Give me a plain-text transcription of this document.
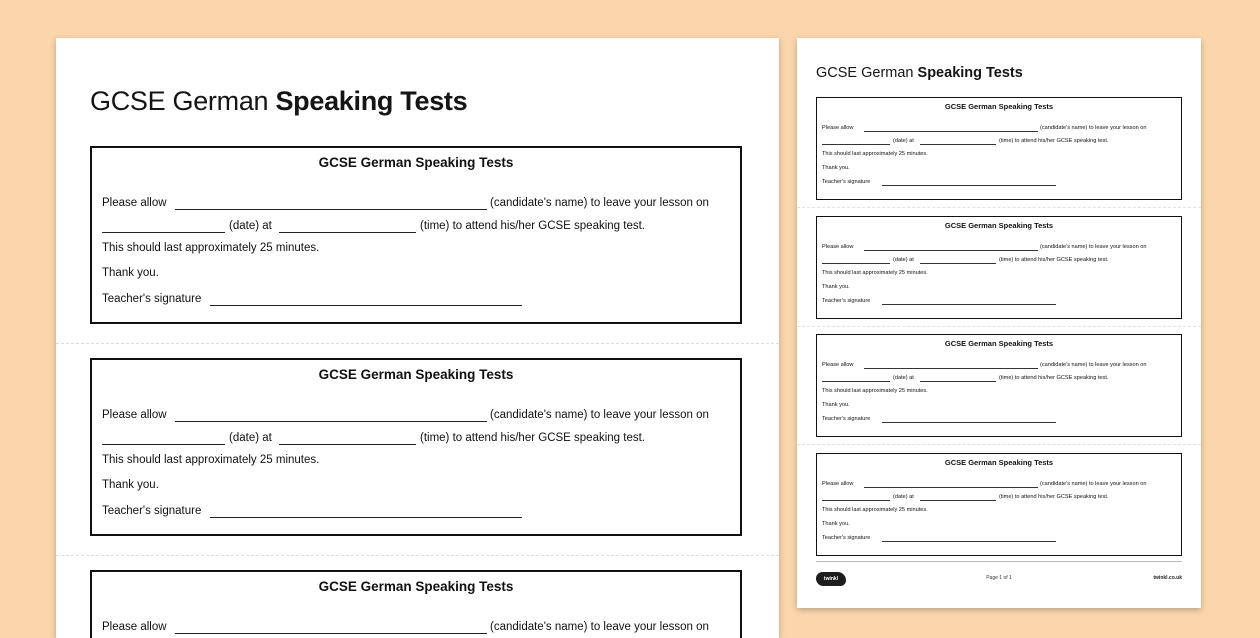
GCSE German Speaking Tests
GCSE German Speaking Tests
Please allow	(candidate's name) to leave your lesson on
(date) at	(time) to attend his/her GCSE speaking test.
This should last approximately 25 minutes.
Thank you.
Teacher's signature
GCSE German Speaking Tests
Please allow	(candidate's name) to leave your lesson on
(date) at	(time) to attend his/her GCSE speaking test.
This should last approximately 25 minutes.
Thank you.
Teacher's signature
GCSE German Speaking Tests
Please allow	(candidate's name) to leave your lesson on
GCSE German Speaking Tests
GCSE German Speaking Tests
Please allow	(candidate's name) to leave your lesson on
(date) at	(time) to attend his/her GCSE speaking test.
This should last approximately 25 minutes.
Thank you.
Teacher's signature
GCSE German Speaking Tests
Please allow	(candidate's name) to leave your lesson on
(date) at	(time) to attend his/her GCSE speaking test.
This should last approximately 25 minutes.
Thank you.
Teacher's signature
GCSE German Speaking Tests
Please allow	(candidate's name) to leave your lesson on
(date) at	(time) to attend his/her GCSE speaking test.
This should last approximately 25 minutes.
Thank you.
Teacher's signature
GCSE German Speaking Tests
Please allow	(candidate's name) to leave your lesson on
(date) at	(time) to attend his/her GCSE speaking test.
This should last approximately 25 minutes.
Thank you.
Teacher's signature
twinkl	Page 1 of 1	twinkl.co.uk
